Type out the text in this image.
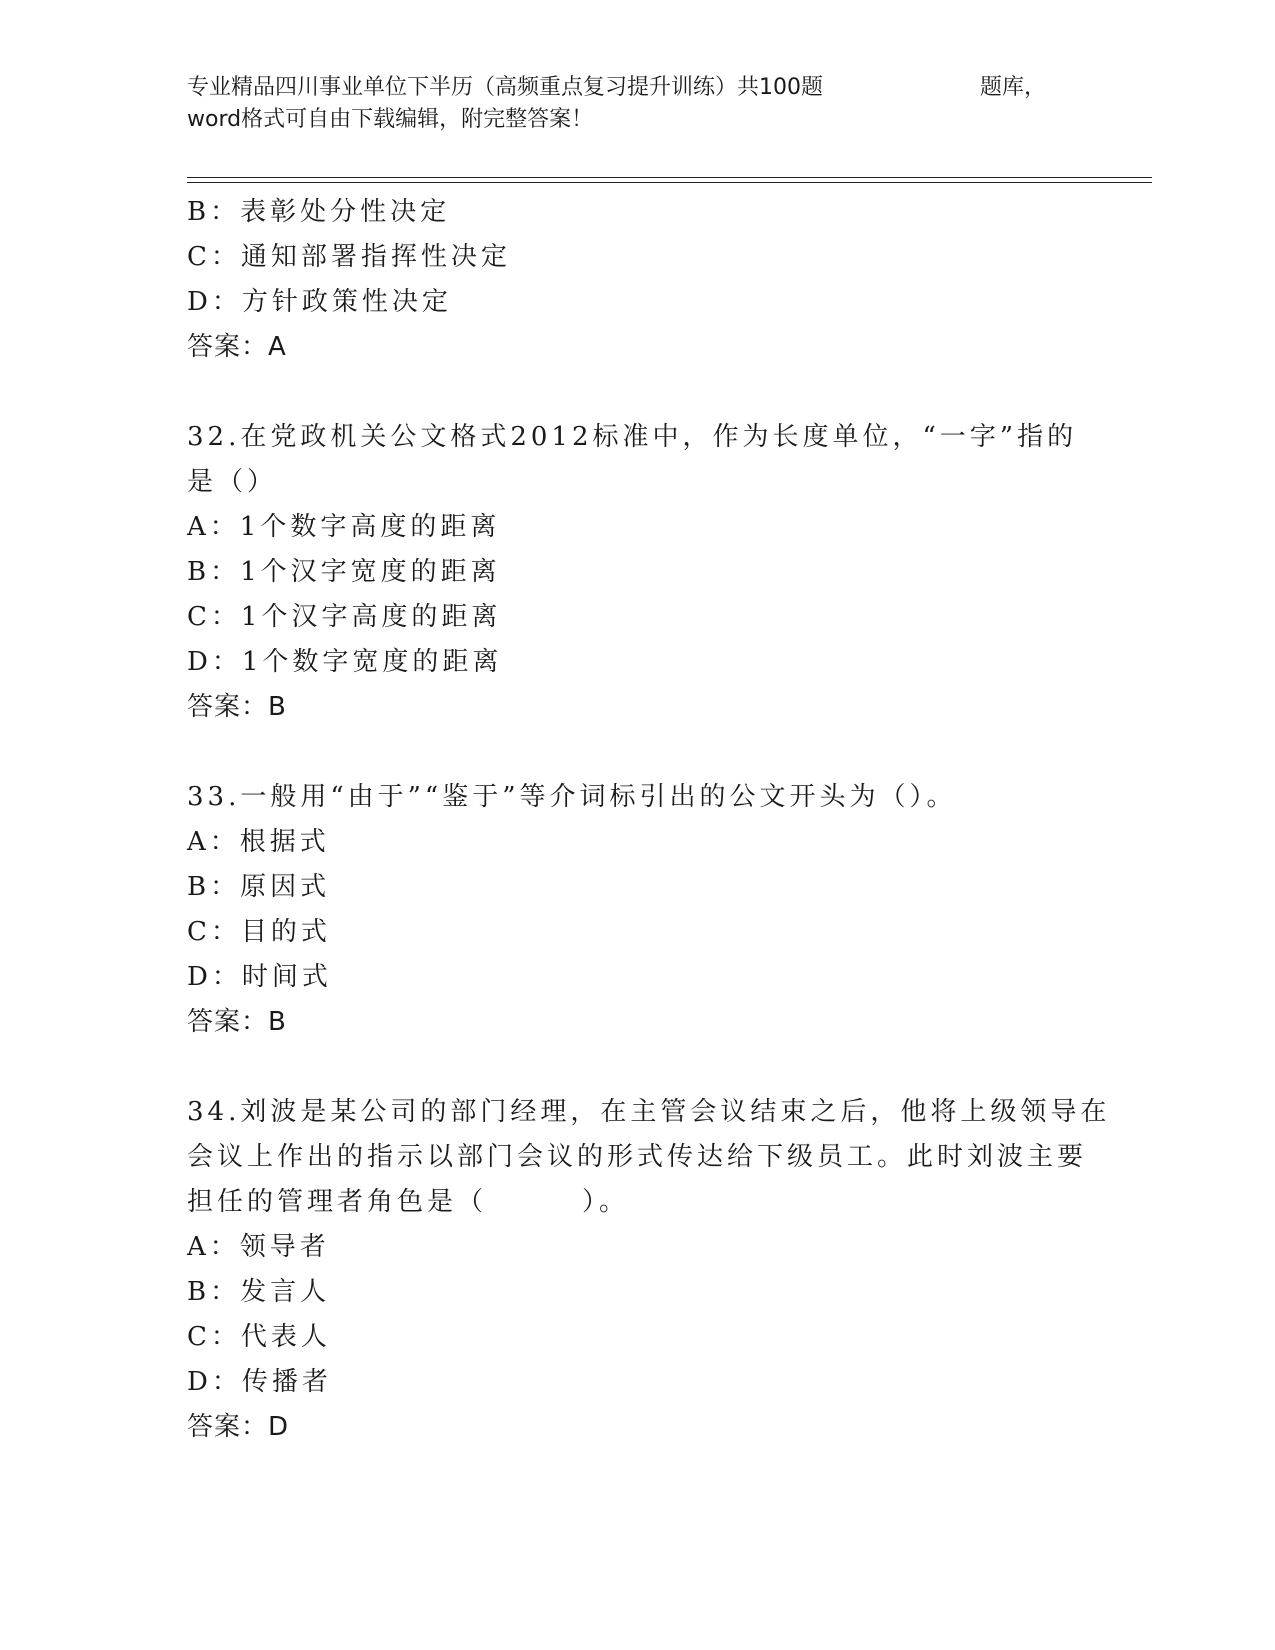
专业精品四川事业单位下半历（高频重点复习提升训练）共100题	题库，
word格式可自由下载编辑，附完整答案！
B：表彰处分性决定
C：通知部署指挥性决定
D：方针政策性决定
答案：A
32.在党政机关公文格式2012标准中，作为长度单位，“一字”指的
是（）
A：1个数字高度的距离
B：1个汉字宽度的距离
C：1个汉字高度的距离
D：1个数字宽度的距离
答案：B
33.一般用“由于”“鉴于”等介词标引出的公文开头为（）。
A：根据式
B：原因式
C：目的式
D：时间式
答案：B
34.刘波是某公司的部门经理，在主管会议结束之后，他将上级领导在
会议上作出的指示以部门会议的形式传达给下级员工。此时刘波主要
担任的管理者角色是（	）。
A：领导者
B：发言人
C：代表人
D：传播者
答案：D
